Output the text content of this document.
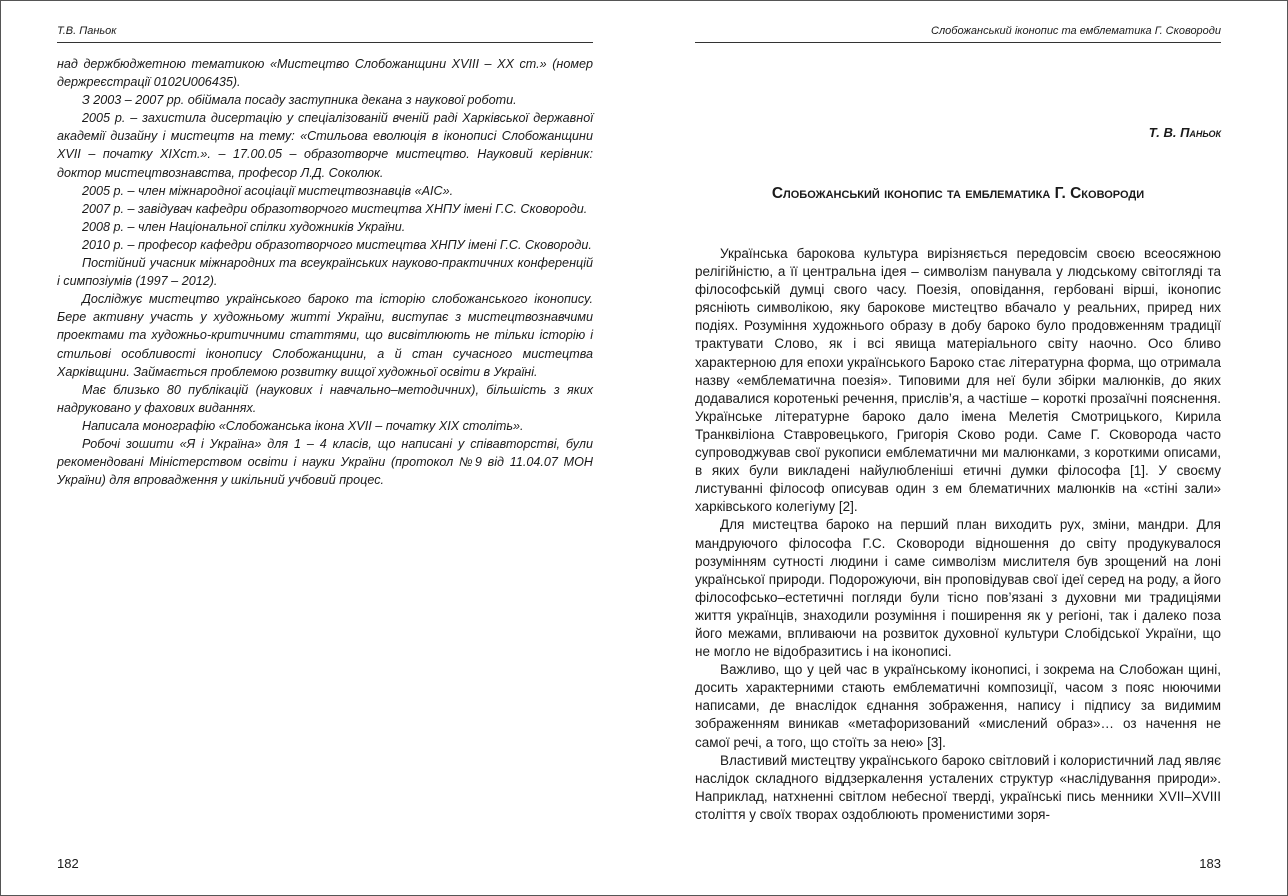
Т.В. Паньок

над держбюджетною тематикою «Мистецтво Слобожанщини XVIII – XX ст.» (номер держреєстрації 0102U006435).

З 2003 – 2007 рр. обіймала посаду заступника декана з наукової роботи.

2005 р. – захистила дисертацію у спеціалізованій вченій раді Харківської державної академії дизайну і мистецтв на тему: «Стильова еволюція в іконописі Слобожанщини XVII – початку XIXст.». – 17.00.05 – образотворче мистецтво. Науковий керівник: доктор мистецтвознавства, професор Л.Д. Соколюк.

2005 р. – член міжнародної асоціації мистецтвознавців «АІС».

2007 р. – завідувач кафедри образотворчого мистецтва ХНПУ імені Г.С. Сковороди.

2008 р. – член Національної спілки художників України.

2010 р. – професор кафедри образотворчого мистецтва ХНПУ імені Г.С. Сковороди.

Постійний учасник міжнародних та всеукраїнських науково-практичних конференцій і симпозіумів (1997 – 2012).

Досліджує мистецтво українського бароко та історію слобожанського іконопису. Бере активну участь у художньому житті України, виступає з мистецтвознавчими проектами та художньо-критичними статтями, що висвітлюють не тільки історію і стильові особливості іконопису Слобожанщини, а й стан сучасного мистецтва Харківщини. Займається проблемою розвитку вищої художньої освіти в Україні.

Має близько 80 публікацій (наукових і навчально–методичних), більшість з яких надруковано у фахових виданнях.

Написала монографію «Слобожанська ікона XVII – початку XIX століть».

Робочі зошити «Я і Україна» для 1 – 4 класів, що написані у співавторстві, були рекомендовані Міністерством освіти і науки України (протокол №9 від 11.04.07 МОН України) для впровадження у шкільний учбовий процес.

182
Слобожанський іконопис та емблематика Г. Сковороди
Т. В. Паньок
Слобожанський іконопис та емблематика Г. Сковороди

Українська барокова культура вирізняється передовсім своєю всеосяжною релігійністю, а її центральна ідея – символізм панувала у людському світогляді та філософській думці свого часу. Поезія, оповідання, гербовані вірші, іконопис рясніють символікою, яку барокове мистецтво вбачало у реальних, приред них подіях. Розуміння художнього образу в добу бароко було продовженням традиції трактувати Слово, як і всі явища матеріального світу наочно. Осо бливо характерною для епохи українського Бароко стає літературна форма, що отримала назву «емблематична поезія». Типовими для неї були збірки малюнків, до яких додавалися коротенькі речення, прислів’я, а частіше – короткі прозаїчні пояснення. Українське літературне бароко дало імена Мелетія Смотрицького, Кирила Транквіліона Ставровецького, Григорія Сково роди. Саме Г. Сковорода часто супроводжував свої рукописи емблематични ми малюнками, з короткими описами, в яких були викладені найулюбленіші етичні думки філософа [1]. У своєму листуванні філософ описував один з ем блематичних малюнків на «стіні зали» харківського колегіуму [2].

Для мистецтва бароко на перший план виходить рух, зміни, мандри. Для мандруючого філософа Г.С. Сковороди відношення до світу продукувалося розумінням сутності людини і саме символізм мислителя був зрощений на лоні української природи. Подорожуючи, він проповідував свої ідеї серед на роду, а його філософсько–естетичні погляди були тісно пов’язані з духовни ми традиціями життя українців, знаходили розуміння і поширення як у регіоні, так і далеко поза його межами, впливаючи на розвиток духовної культури Слобідської України, що не могло не відобразитись і на іконописі.

Важливо, що у цей час в українському іконописі, і зокрема на Слобожан щині, досить характерними стають емблематичні композиції, часом з пояс нюючими написами, де внаслідок єднання зображення, напису і підпису за видимим зображенням виникав «метафоризований «мислений образ»… оз начення не самої речі, а того, що стоїть за нею» [3].

Властивий мистецтву українського бароко світловий і колористичний лад являє наслідок складного віддзеркалення усталених структур «наслідування природи». Наприклад, натхненні світлом небесної тверді, українські пись менники XVII–XVIII століття у своїх творах оздоблюють променистими зоря-

183
